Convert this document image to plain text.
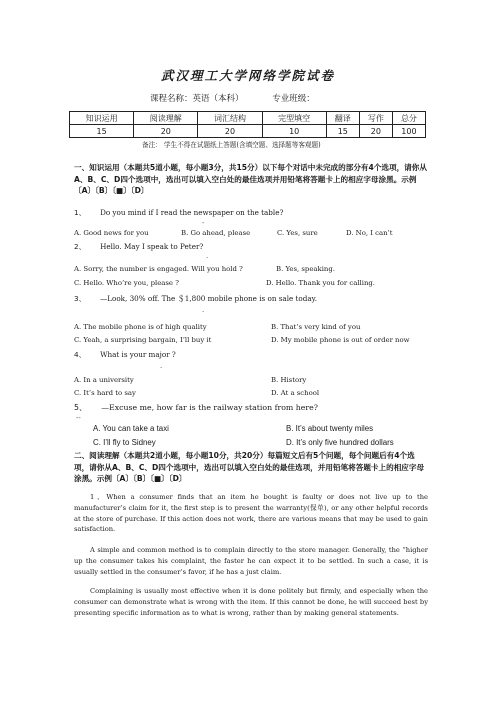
武汉理工大学网络学院试卷
课程名称：英语（本科）	专业班级：
知识运用	阅读理解	词汇结构	完型填空	翻译	写作	总分
15	20	20	10	15	20	100
备注： 学生不得在试题纸上答题(含填空题、选择题等客观题)
一、知识运用（本题共5道小题，每小题3分，共15分）以下每个对话中未完成的部分有4个选项，请你从A、B、C、D四个选项中，选出可以填入空白处的最佳选项并用铅笔将答题卡上的相应字母涂黑。示例〔A〕〔B〕〔■〕〔D〕
1、 Do you mind if I read the newspaper on the table?
-
A. Good news for you	B. Go ahead, please	C. Yes, sure	D. No, I can’t
2、 Hello. May I speak to Peter?
.
A. Sorry, the number is engaged. Will you hold ?	B. Yes, speaking.
C. Hello. Who’re you, please ?	D. Hello. Thank you for calling.
3、 —Look, 30% off. The ＄1,800 mobile phone is on sale today.
.
A. The mobile phone is of high quality	B. That’s very kind of you
C. Yeah, a surprising bargain, I’ll buy it	D. My mobile phone is out of order now
4、 What is your major ?
.
A. In a university	B. History
C. It’s hard to say	D. At a school
5、 —Excuse me, how far is the railway station from here?
--
A. You can take a taxi	B. It’s about twenty miles
C. I’ll fly to Sidney	D. It’s only five hundred dollars
二、阅读理解（本题共2道小题，每小题10分，共20分）每篇短文后有5个问题，每个问题后有4个选项，请你从A、B、C、D四个选项中，选出可以填入空白处的最佳选项，并用铅笔将答题卡上的相应字母涂黑。示例〔A〕〔B〕〔■〕〔D〕
1、When a consumer finds that an item he bought is faulty or does not live up to the manufacturer’s claim for it, the first step is to present the warranty(保单), or any other helpful records at the store of purchase. If this action does not work, there are various means that may be used to gain satisfaction.
A simple and common method is to complain directly to the store manager. Generally, the “higher up the consumer takes his complaint, the faster he can expect it to be settled. In such a case, it is usually settled in the consumer’s favor, if he has a just claim.
Complaining is usually most effective when it is done politely but firmly, and especially when the consumer can demonstrate what is wrong with the item. If this cannot be done, he will succeed best by presenting specific information as to what is wrong, rather than by making general statements.
